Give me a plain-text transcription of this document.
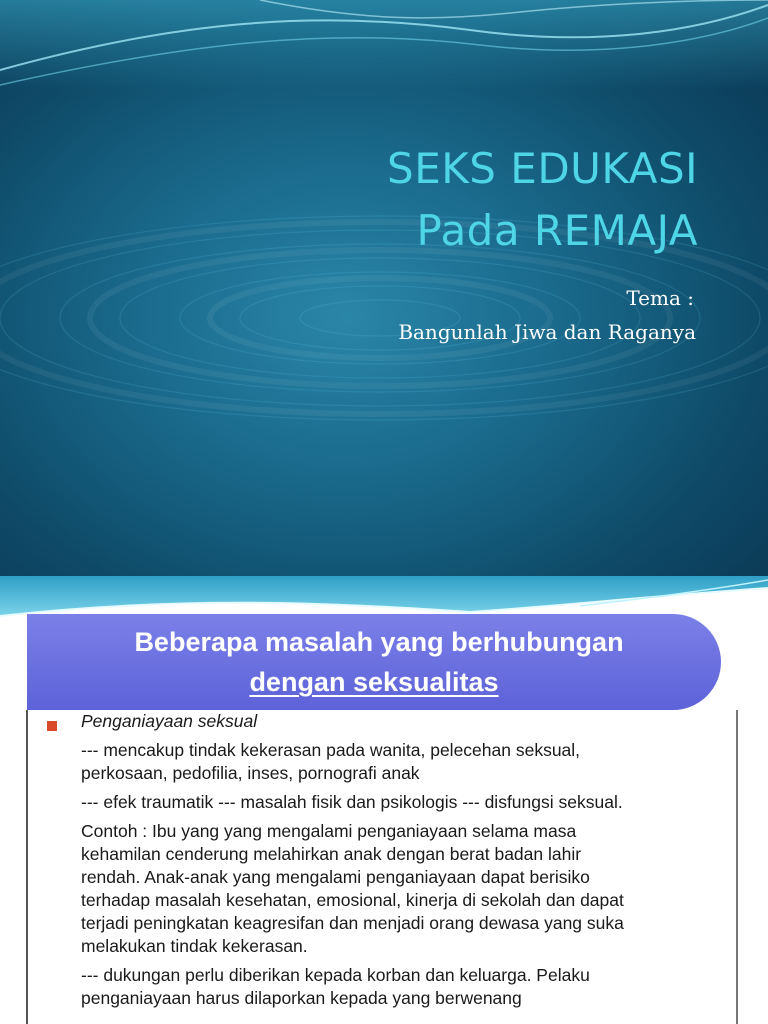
SEKS EDUKASI
Pada REMAJA
Tema :
Bangunlah Jiwa dan Raganya
Beberapa masalah yang berhubungan
dengan seksualitas
Penganiayaan seksual
--- mencakup tindak kekerasan pada wanita, pelecehan seksual,
perkosaan, pedofilia, inses, pornografi anak
--- efek traumatik --- masalah fisik dan psikologis --- disfungsi seksual.
Contoh : Ibu yang yang mengalami penganiayaan selama masa
kehamilan cenderung melahirkan anak dengan berat badan lahir
rendah. Anak-anak yang mengalami penganiayaan dapat berisiko
terhadap masalah kesehatan, emosional, kinerja di sekolah dan dapat
terjadi peningkatan keagresifan dan menjadi orang dewasa yang suka
melakukan tindak kekerasan.
--- dukungan perlu diberikan kepada korban dan keluarga. Pelaku
penganiayaan harus dilaporkan kepada yang berwenang
